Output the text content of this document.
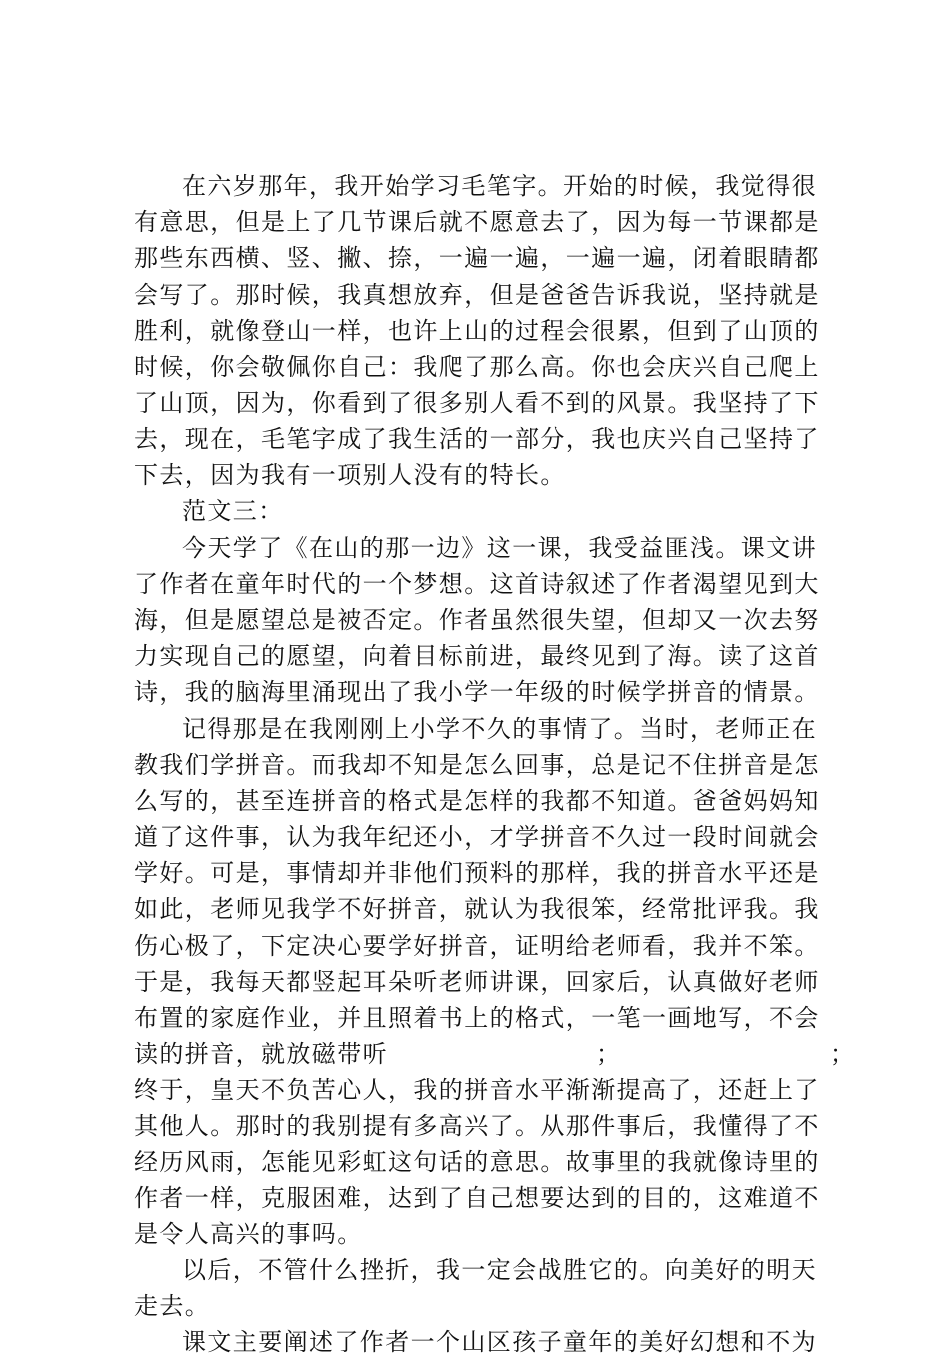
在六岁那年，我开始学习毛笔字。开始的时候，我觉得很
有意思，但是上了几节课后就不愿意去了，因为每一节课都是
那些东西横、竖、撇、捺，一遍一遍，一遍一遍，闭着眼睛都
会写了。那时候，我真想放弃，但是爸爸告诉我说，坚持就是
胜利，就像登山一样，也许上山的过程会很累，但到了山顶的
时候，你会敬佩你自己：我爬了那么高。你也会庆兴自己爬上
了山顶，因为，你看到了很多别人看不到的风景。我坚持了下
去，现在，毛笔字成了我生活的一部分，我也庆兴自己坚持了
下去，因为我有一项别人没有的特长。
范文三：
今天学了《在山的那一边》这一课，我受益匪浅。课文讲
了作者在童年时代的一个梦想。这首诗叙述了作者渴望见到大
海，但是愿望总是被否定。作者虽然很失望，但却又一次去努
力实现自己的愿望，向着目标前进，最终见到了海。读了这首
诗，我的脑海里涌现出了我小学一年级的时候学拼音的情景。
记得那是在我刚刚上小学不久的事情了。当时，老师正在
教我们学拼音。而我却不知是怎么回事，总是记不住拼音是怎
么写的，甚至连拼音的格式是怎样的我都不知道。爸爸妈妈知
道了这件事，认为我年纪还小，才学拼音不久过一段时间就会
学好。可是，事情却并非他们预料的那样，我的拼音水平还是
如此，老师见我学不好拼音，就认为我很笨，经常批评我。我
伤心极了，下定决心要学好拼音，证明给老师看，我并不笨。
于是，我每天都竖起耳朵听老师讲课，回家后，认真做好老师
布置的家庭作业，并且照着书上的格式，一笔一画地写，不会
读的拼音，就放磁带听	；	；
终于，皇天不负苦心人，我的拼音水平渐渐提高了，还赶上了
其他人。那时的我别提有多高兴了。从那件事后，我懂得了不
经历风雨，怎能见彩虹这句话的意思。故事里的我就像诗里的
作者一样，克服困难，达到了自己想要达到的目的，这难道不
是令人高兴的事吗。
以后，不管什么挫折，我一定会战胜它的。向美好的明天
走去。
课文主要阐述了作者一个山区孩子童年的美好幻想和不为
